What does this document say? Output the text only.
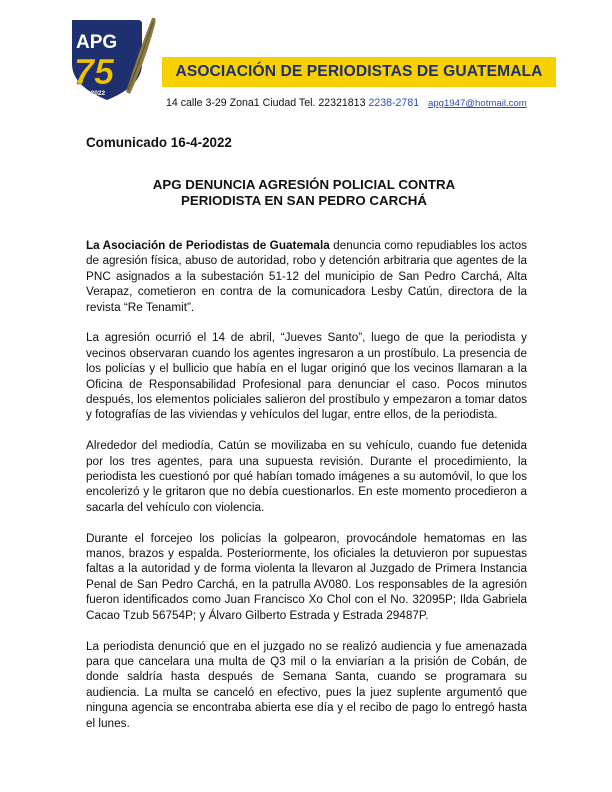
APG
75
1947-2022
ASOCIACIÓN DE PERIODISTAS DE GUATEMALA
14 calle 3-29 Zona1 Ciudad Tel. 22321813 2238-2781 apg1947@hotmail.com
Comunicado 16-4-2022
APG DENUNCIA AGRESIÓN POLICIAL CONTRA
PERIODISTA EN SAN PEDRO CARCHÁ

La Asociación de Periodistas de Guatemala denuncia como repudiables los actos de agresión física, abuso de autoridad, robo y detención arbitraria que agentes de la PNC asignados a la subestación 51-12 del municipio de San Pedro Carchá, Alta Verapaz, cometieron en contra de la comunicadora Lesby Catún, directora de la revista “Re Tenamit”.

La agresión ocurrió el 14 de abril, “Jueves Santo”, luego de que la periodista y vecinos observaran cuando los agentes ingresaron a un prostíbulo. La presencia de los policías y el bullicio que había en el lugar originó que los vecinos llamaran a la Oficina de Responsabilidad Profesional para denunciar el caso. Pocos minutos después, los elementos policiales salieron del prostíbulo y empezaron a tomar datos y fotografías de las viviendas y vehículos del lugar, entre ellos, de la periodista.

Alrededor del mediodía, Catún se movilizaba en su vehículo, cuando fue detenida por los tres agentes, para una supuesta revisión. Durante el procedimiento, la periodista les cuestionó por qué habían tomado imágenes a su automóvil, lo que los encolerizó y le gritaron que no debía cuestionarlos. En este momento procedieron a sacarla del vehículo con violencia.

Durante el forcejeo los policías la golpearon, provocándole hematomas en las manos, brazos y espalda. Posteriormente, los oficiales la detuvieron por supuestas faltas a la autoridad y de forma violenta la llevaron al Juzgado de Primera Instancia Penal de San Pedro Carchá, en la patrulla AV080. Los responsables de la agresión fueron identificados como Juan Francisco Xo Chol con el No. 32095P; Ilda Gabriela Cacao Tzub 56754P; y Álvaro Gilberto Estrada y Estrada 29487P.

La periodista denunció que en el juzgado no se realizó audiencia y fue amenazada para que cancelara una multa de Q3 mil o la enviarían a la prisión de Cobán, de donde saldría hasta después de Semana Santa, cuando se programara su audiencia. La multa se canceló en efectivo, pues la juez suplente argumentó que ninguna agencia se encontraba abierta ese día y el recibo de pago lo entregó hasta el lunes.
